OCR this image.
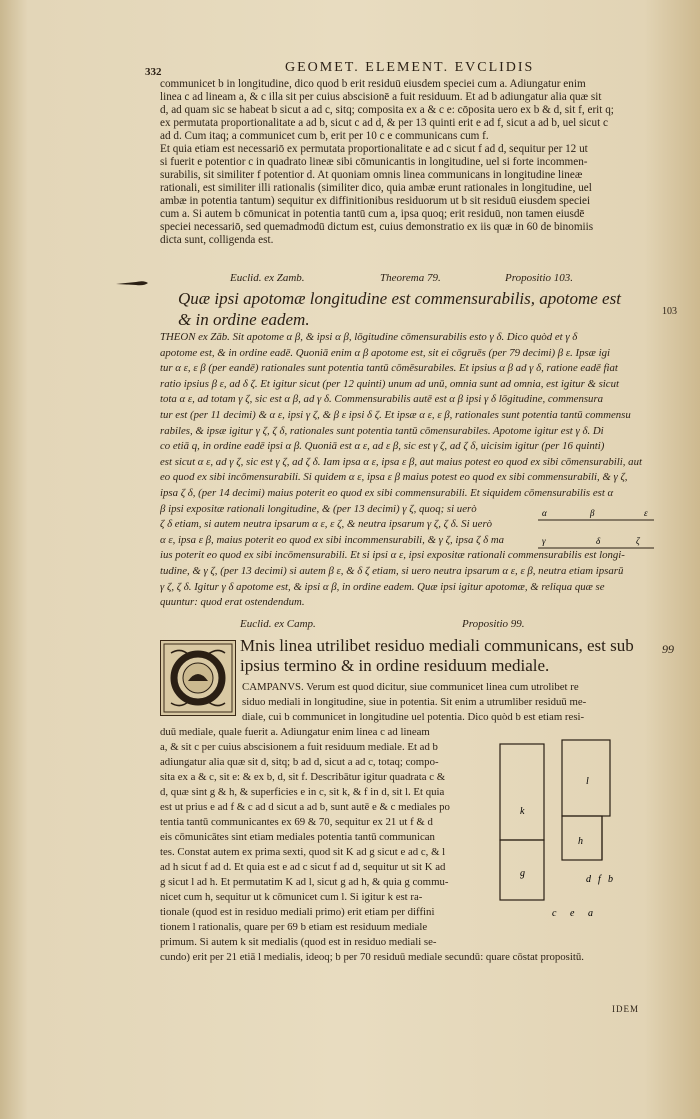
332	GEOMET. ELEMENT. EVCLIDIS
communicet b in longitudine, dico quod b erit residuū eiusdem speciei cum a. Adiungatur enim
linea c ad lineam a, & c illa sit per cuius abscisionē a fuit residuum. Et ad b adiungatur alia quæ sit
d, ad quam sic se habeat b sicut a ad c, sitq; composita ex a & c e: cōposita uero ex b & d, sit f, erit q;
ex permutata proportionalitate a ad b, sicut c ad d, & per 13 quinti erit e ad f, sicut a ad b, uel sicut c
ad d. Cum itaq; a communicet cum b, erit per 10 c e communicans cum f.
Et quia etiam est necessariō ex permutata proportionalitate e ad c sicut f ad d, sequitur per 12 ut
si fuerit e potentior c in quadrato lineæ sibi cōmunicantis in longitudine, uel si forte incommen-
surabilis, sit similiter f potentior d. At quoniam omnis linea communicans in longitudine lineæ
rationali, est similiter illi rationalis (similiter dico, quia ambæ erunt rationales in longitudine, uel
ambæ in potentia tantum) sequitur ex diffinitionibus residuorum ut b sit residuū eiusdem speciei
cum a. Si autem b cōmunicat in potentia tantū cum a, ipsa quoq; erit residuū, non tamen eiusdē
speciei necessariō, sed quemadmodū dictum est, cuius demonstratio ex iis quæ in 60 de binomiis
dicta sunt, colligenda est.
Euclid. ex Zamb.	Theorema 79.	Propositio 103.
Quæ ipsi apotomæ longitudine est commensurabilis, apotome est
& in ordine eadem.	103
THEON ex Zāb. Sit apotome α β, & ipsi α β, lōgitudine cōmensurabilis esto γ δ. Dico quòd et γ δ
apotome est, & in ordine eadē. Quoniā enim α β apotome est, sit ei cōgruēs (per 79 decimi) β ε. Ipsæ igi
tur α ε, ε β (per eandē) rationales sunt potentia tantū cōmēsurabiles. Et ipsius α β ad γ δ, ratione eadē fiat
ratio ipsius β ε, ad δ ζ. Et igitur sicut (per 12 quinti) unum ad unū, omnia sunt ad omnia, est igitur & sicut
tota α ε, ad totam γ ζ, sic est α β, ad γ δ. Commensurabilis autē est α β ipsi γ δ lōgitudine, commensura
tur est (per 11 decimi) & α ε, ipsi γ ζ, & β ε ipsi δ ζ. Et ipsæ α ε, ε β, rationales sunt potentia tantū commensu
rabiles, & ipsæ igitur γ ζ, ζ δ, rationales sunt potentia tantū cōmensurabiles. Apotome igitur est γ δ. Di
co etiā q, in ordine eadē ipsi α β. Quoniā est α ε, ad ε β, sic est γ ζ, ad ζ δ, uicisim igitur (per 16 quinti)
est sicut α ε, ad γ ζ, sic est γ ζ, ad ζ δ. Iam ipsa α ε, ipsa ε β, aut maius potest eo quod ex sibi cōmensurabili, aut
eo quod ex sibi incōmensurabili. Si quidem α ε, ipsa ε β maius potest eo quod ex sibi commensurabili, & γ ζ,
ipsa ζ δ, (per 14 decimi) maius poterit eo quod ex sibi commensurabili. Et siquidem cōmensurabilis est α
β ipsi expositæ rationali longitudine, & (per 13 decimi) γ ζ, quoq; si uerò
ζ δ etiam, si autem neutra ipsarum α ε, ε ζ, & neutra ipsarum γ ζ, ζ δ. Si uerò
α ε, ipsa ε β, maius poterit eo quod ex sibi incommensurabili, & γ ζ, ipsa ζ δ ma
ius poterit eo quod ex sibi incōmensurabili. Et si ipsi α ε, ipsi expositæ rationali commensurabilis est longi-
tudine, & γ ζ, (per 13 decimi) si autem β ε, & δ ζ etiam, si uero neutra ipsarum α ε, ε β, neutra etiam ipsarū
γ ζ, ζ δ. Igitur γ δ apotome est, & ipsi α β, in ordine eadem. Quæ ipsi igitur apotomæ, & reliqua quæ se
quuntur: quod erat ostendendum.
α	β
γ	δ	ζ
ε
Euclid. ex Camp.	Propositio 99.
Mnis linea utrilibet residuo mediali communicans, est sub
ipsius termino & in ordine residuum mediale.
99
CAMPANVS. Verum est quod dicitur, siue communicet linea cum utrolibet re
siduo mediali in longitudine, siue in potentia. Sit enim a utrumliber residuū me-
diale, cui b communicet in longitudine uel potentia. Dico quòd b est etiam resi-
duū mediale, quale fuerit a. Adiungatur enim linea c ad lineam
a, & sit c per cuius abscisionem a fuit residuum mediale. Et ad b
adiungatur alia quæ sit d, sitq; b ad d, sicut a ad c, totaq; compo-
sita ex a & c, sit e: & ex b, d, sit f. Describātur igitur quadrata c &
d, quæ sint g & h, & superficies e in c, sit k, & f in d, sit l. Et quia
est ut prius e ad f & c ad d sicut a ad b, sunt autē e & c mediales po
tentia tantū communicantes ex 69 & 70, sequitur ex 21 ut f & d
eis cōmunicātes sint etiam mediales potentia tantū communican
tes. Constat autem ex prima sexti, quod sit K ad g sicut e ad c, & l
ad h sicut f ad d. Et quia est e ad c sicut f ad d, sequitur ut sit K ad
g sicut l ad h. Et permutatim K ad l, sicut g ad h, & quia g commu-
nicet cum h, sequitur ut k cōmunicet cum l. Si igitur k est ra-
tionale (quod est in residuo mediali primo) erit etiam per diffini
tionem l rationalis, quare per 69 b etiam est residuum mediale
primum. Si autem k sit medialis (quod est in residuo mediali se-
k
g
l
h
d f b
c e a
cundo) erit per 21 etiā l medialis, ideoq; b per 70 residuū mediale secundū: quare cōstat propositū.
IDEM
